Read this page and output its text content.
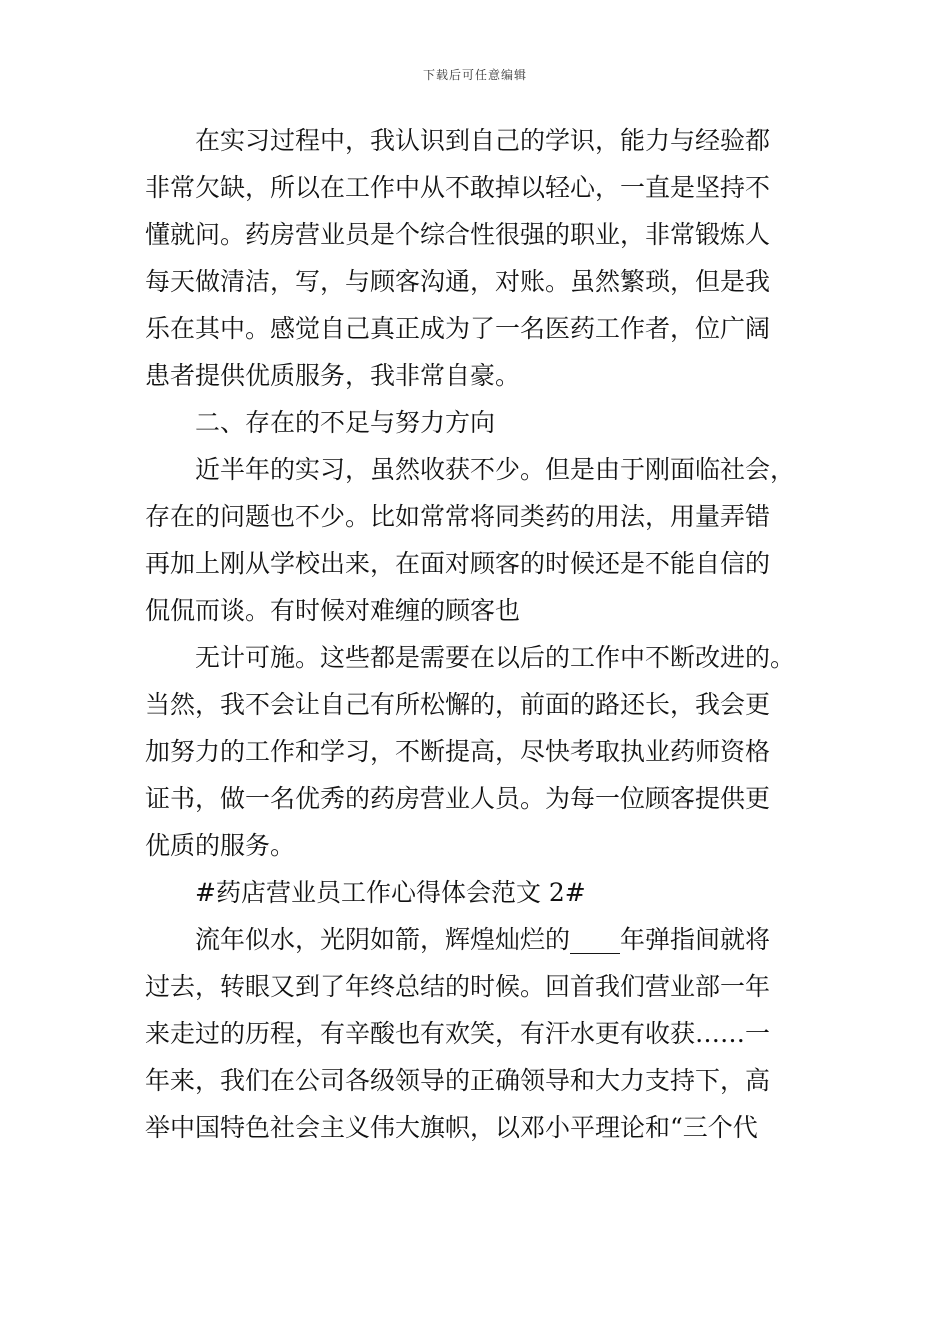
下载后可任意编辑
在实习过程中，我认识到自己的学识，能力与经验都
非常欠缺，所以在工作中从不敢掉以轻心，一直是坚持不
懂就问。药房营业员是个综合性很强的职业，非常锻炼人
每天做清洁，写，与顾客沟通，对账。虽然繁琐，但是我
乐在其中。感觉自己真正成为了一名医药工作者，位广阔
患者提供优质服务，我非常自豪。
二、存在的不足与努力方向
近半年的实习，虽然收获不少。但是由于刚面临社会，
存在的问题也不少。比如常常将同类药的用法，用量弄错
再加上刚从学校出来，在面对顾客的时候还是不能自信的
侃侃而谈。有时候对难缠的顾客也
无计可施。这些都是需要在以后的工作中不断改进的。
当然，我不会让自己有所松懈的，前面的路还长，我会更
加努力的工作和学习，不断提高，尽快考取执业药师资格
证书，做一名优秀的药房营业人员。为每一位顾客提供更
优质的服务。
#药店营业员工作心得体会范文 2#
流年似水，光阴如箭，辉煌灿烂的____年弹指间就将
过去，转眼又到了年终总结的时候。回首我们营业部一年
来走过的历程，有辛酸也有欢笑，有汗水更有收获……一
年来，我们在公司各级领导的正确领导和大力支持下，高
举中国特色社会主义伟大旗帜，以邓小平理论和“三个代
